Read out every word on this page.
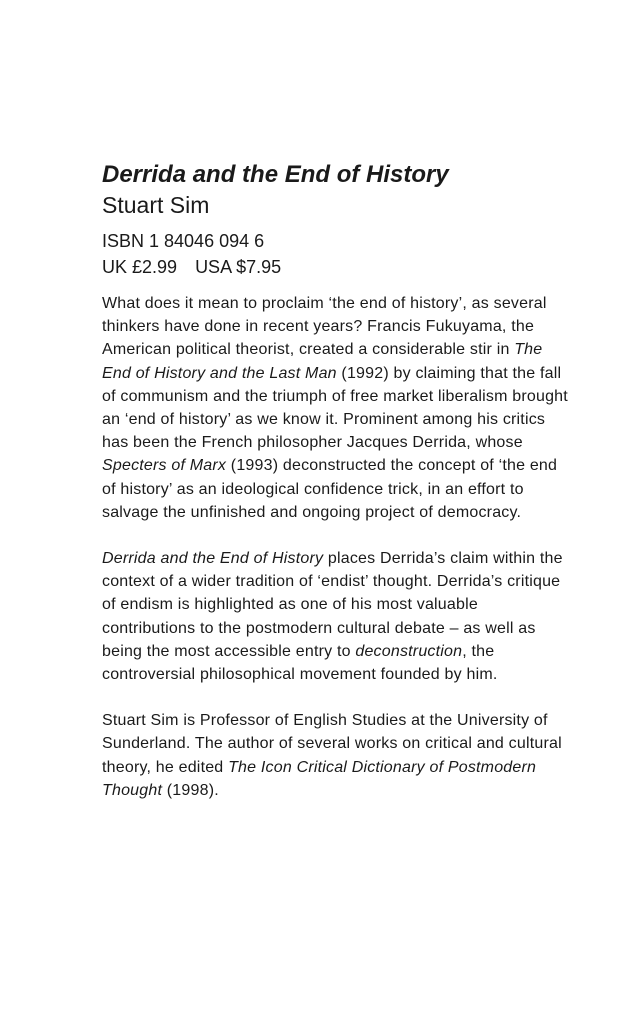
Derrida and the End of History

Stuart Sim

ISBN 1 84046 094 6

UK £2.99 USA $7.95

What does it mean to proclaim ‘the end of history’, as several thinkers have done in recent years? Francis Fukuyama, the American political theorist, created a considerable stir in The End of History and the Last Man (1992) by claiming that the fall of communism and the triumph of free market liberalism brought an ‘end of history’ as we know it. Prominent among his critics has been the French philosopher Jacques Derrida, whose Specters of Marx (1993) deconstructed the concept of ‘the end of history’ as an ideological confidence trick, in an effort to salvage the unfinished and ongoing project of democracy.

Derrida and the End of History places Derrida’s claim within the context of a wider tradition of ‘endist’ thought. Derrida’s critique of endism is highlighted as one of his most valuable contributions to the postmodern cultural debate – as well as being the most accessible entry to deconstruction, the controversial philosophical movement founded by him.

Stuart Sim is Professor of English Studies at the University of Sunderland. The author of several works on critical and cultural theory, he edited The Icon Critical Dictionary of Postmodern Thought (1998).
